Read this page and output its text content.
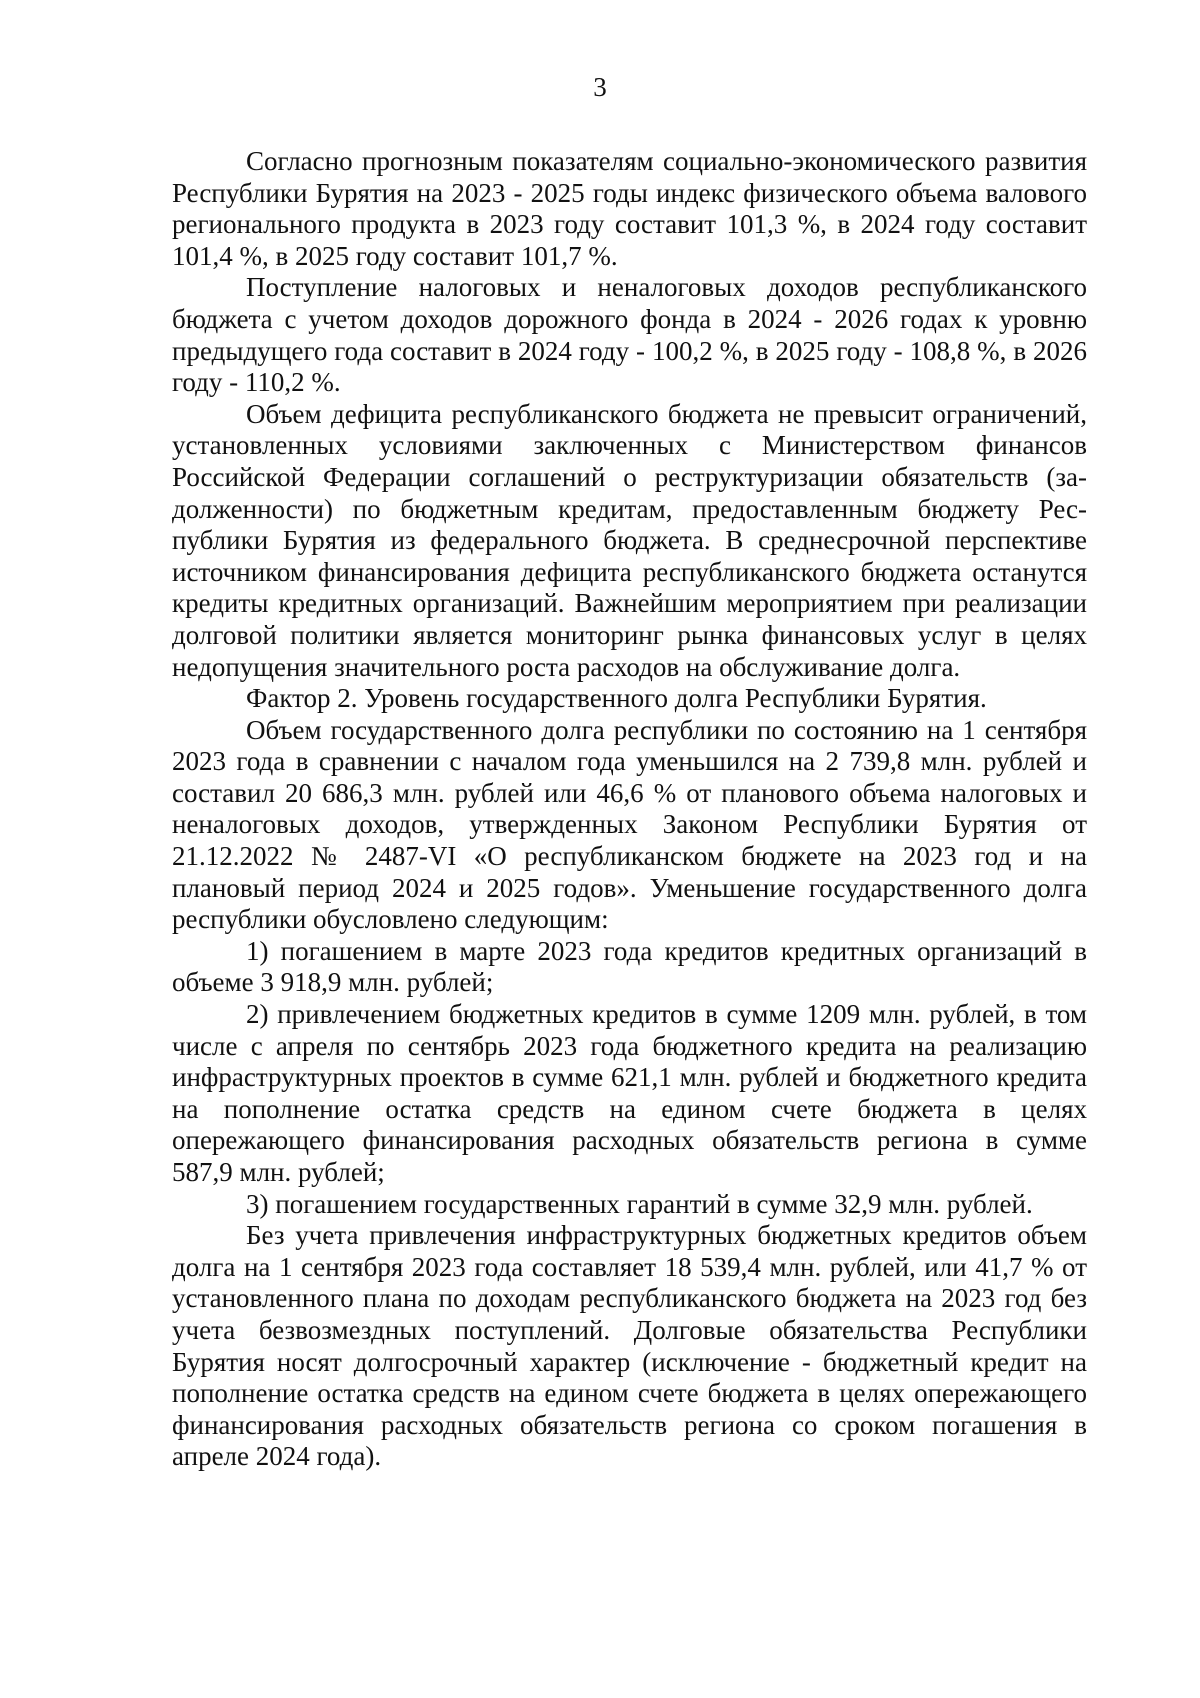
3

Согласно прогнозным показателям социально-экономического развития Республики Бурятия на 2023 - 2025 годы индекс физического объема валового регионального продукта в 2023 году составит 101,3 %, в 2024 году составит 101,4 %, в 2025 году составит 101,7 %.

Поступление налоговых и неналоговых доходов республиканского бюджета с учетом доходов дорожного фонда в 2024 - 2026 годах к уровню предыдущего года составит в 2024 году - 100,2 %, в 2025 году - 108,8 %, в 2026 году - 110,2 %.

Объем дефицита республиканского бюджета не превысит ограничений, установленных условиями заключенных с Министерством финансов Российской Федерации соглашений о реструктуризации обязательств (задолженности) по бюджетным кредитам, предоставленным бюджету Республики Бурятия из федерального бюджета. В среднесрочной перспективе источником финансирования дефицита республиканского бюджета останутся кредиты кредитных организаций. Важнейшим мероприятием при реализации долговой политики является мониторинг рынка финансовых услуг в целях недопущения значительного роста расходов на обслуживание долга.

Фактор 2. Уровень государственного долга Республики Бурятия.

Объем государственного долга республики по состоянию на 1 сентября 2023 года в сравнении с началом года уменьшился на 2 739,8 млн. рублей и составил 20 686,3 млн. рублей или 46,6 % от планового объема налоговых и неналоговых доходов, утвержденных Законом Республики Бурятия от 21.12.2022 № 2487-VI «О республиканском бюджете на 2023 год и на плановый период 2024 и 2025 годов». Уменьшение государственного долга республики обусловлено следующим:

1) погашением в марте 2023 года кредитов кредитных организаций в объеме 3 918,9 млн. рублей;

2) привлечением бюджетных кредитов в сумме 1209 млн. рублей, в том числе с апреля по сентябрь 2023 года бюджетного кредита на реализацию инфраструктурных проектов в сумме 621,1 млн. рублей и бюджетного кредита на пополнение остатка средств на едином счете бюджета в целях опережающего финансирования расходных обязательств региона в сумме 587,9 млн. рублей;

3) погашением государственных гарантий в сумме 32,9 млн. рублей.

Без учета привлечения инфраструктурных бюджетных кредитов объем долга на 1 сентября 2023 года составляет 18 539,4 млн. рублей, или 41,7 % от установленного плана по доходам республиканского бюджета на 2023 год без учета безвозмездных поступлений. Долговые обязательства Республики Бурятия носят долгосрочный характер (исключение - бюджетный кредит на пополнение остатка средств на едином счете бюджета в целях опережающего финансирования расходных обязательств региона со сроком погашения в апреле 2024 года).
